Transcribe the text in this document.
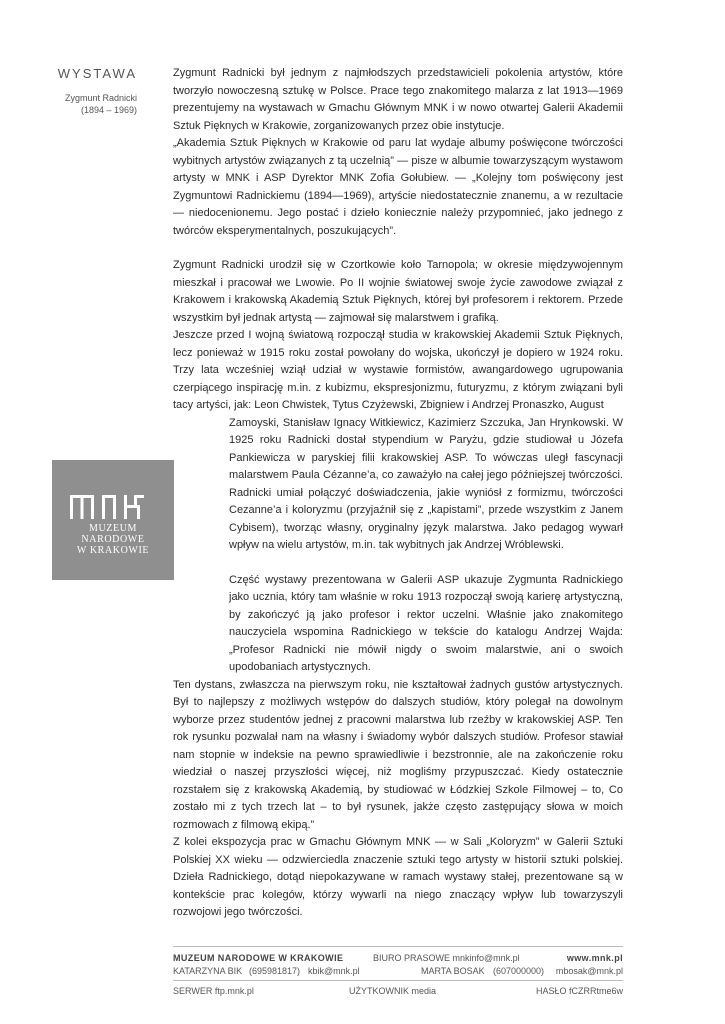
WYSTAWA
Zygmunt Radnicki
(1894 – 1969)
MUZEUM
NARODOWE
W KRAKOWIE

Zygmunt Radnicki był jednym z najmłodszych przedstawicieli pokolenia artystów, które tworzyło nowoczesną sztukę w Polsce. Prace tego znakomitego malarza z lat 1913—1969 prezentujemy na wystawach w Gmachu Głównym MNK i w nowo otwartej Galerii Akademii Sztuk Pięknych w Krakowie, zorganizowanych przez obie instytucje.

„Akademia Sztuk Pięknych w Krakowie od paru lat wydaje albumy poświęcone twórczości wybitnych artystów związanych z tą uczelnią” — pisze w albumie towarzyszącym wystawom artysty w MNK i ASP Dyrektor MNK Zofia Gołubiew. — „Kolejny tom poświęcony jest Zygmuntowi Radnickiemu (1894—1969), artyście niedostatecznie znanemu, a w rezultacie — niedocenionemu. Jego postać i dzieło koniecznie należy przypomnieć, jako jednego z twórców eksperymentalnych, poszukujących”.

Zygmunt Radnicki urodził się w Czortkowie koło Tarnopola; w okresie międzywojennym mieszkał i pracował we Lwowie. Po II wojnie światowej swoje życie zawodowe związał z Krakowem i krakowską Akademią Sztuk Pięknych, której był profesorem i rektorem. Przede wszystkim był jednak artystą — zajmował się malarstwem i grafiką.

Jeszcze przed I wojną światową rozpoczął studia w krakowskiej Akademii Sztuk Pięknych, lecz ponieważ w 1915 roku został powołany do wojska, ukończył je dopiero w 1924 roku. Trzy lata wcześniej wziął udział w wystawie formistów, awangardowego ugrupowania czerpiącego inspirację m.in. z kubizmu, ekspresjonizmu, futuryzmu, z którym związani byli tacy artyści, jak: Leon Chwistek, Tytus Czyżewski, Zbigniew i Andrzej Pronaszko, August

Zamoyski, Stanisław Ignacy Witkiewicz, Kazimierz Szczuka, Jan Hrynkowski. W 1925 roku Radnicki dostał stypendium w Paryżu, gdzie studiował u Józefa Pankiewicza w paryskiej filii krakowskiej ASP. To wówczas uległ fascynacji malarstwem Paula Cézanne’a, co zaważyło na całej jego późniejszej twórczości. Radnicki umiał połączyć doświadczenia, jakie wyniósł z formizmu, twórczości Cezanne’a i koloryzmu (przyjaźnił się z „kapistami”, przede wszystkim z Janem Cybisem), tworząc własny, oryginalny język malarstwa. Jako pedagog wywarł wpływ na wielu artystów, m.in. tak wybitnych jak Andrzej Wróblewski.

Część wystawy prezentowana w Galerii ASP ukazuje Zygmunta Radnickiego jako ucznia, który tam właśnie w roku 1913 rozpoczął swoją karierę artystyczną, by zakończyć ją jako profesor i rektor uczelni. Właśnie jako znakomitego nauczyciela wspomina Radnickiego w tekście do katalogu Andrzej Wajda: „Profesor Radnicki nie mówił nigdy o swoim malarstwie, ani o swoich upodobaniach artystycznych.

Ten dystans, zwłaszcza na pierwszym roku, nie kształtował żadnych gustów artystycznych. Był to najlepszy z możliwych wstępów do dalszych studiów, który polegał na dowolnym wyborze przez studentów jednej z pracowni malarstwa lub rzeźby w krakowskiej ASP. Ten rok rysunku pozwalał nam na własny i świadomy wybór dalszych studiów. Profesor stawiał nam stopnie w indeksie na pewno sprawiedliwie i bezstronnie, ale na zakończenie roku wiedział o naszej przyszłości więcej, niż mogliśmy przypuszczać. Kiedy ostatecznie rozstałem się z krakowską Akademią, by studiować w Łódzkiej Szkole Filmowej – to, Co zostało mi z tych trzech lat – to był rysunek, jakże często zastępujący słowa w moich rozmowach z filmową ekipą.”

Z kolei ekspozycja prac w Gmachu Głównym MNK — w Sali „Koloryzm” w Galerii Sztuki Polskiej XX wieku — odzwierciedla znaczenie sztuki tego artysty w historii sztuki polskiej. Dzieła Radnickiego, dotąd niepokazywane w ramach wystawy stałej, prezentowane są w kontekście prac kolegów, którzy wywarli na niego znaczący wpływ lub towarzyszyli rozwojowi jego twórczości.

MUZEUM NARODOWE W KRAKOWIE	BIURO PRASOWE mnkinfo@mnk.pl	www.mnk.pl
KATARZYNA BIK (695981817) kbik@mnk.pl	MARTA BOSAK (607000000) mbosak@mnk.pl
SERWER ftp.mnk.pl	UŻYTKOWNIK media	HASŁO fCZRRtme6w
